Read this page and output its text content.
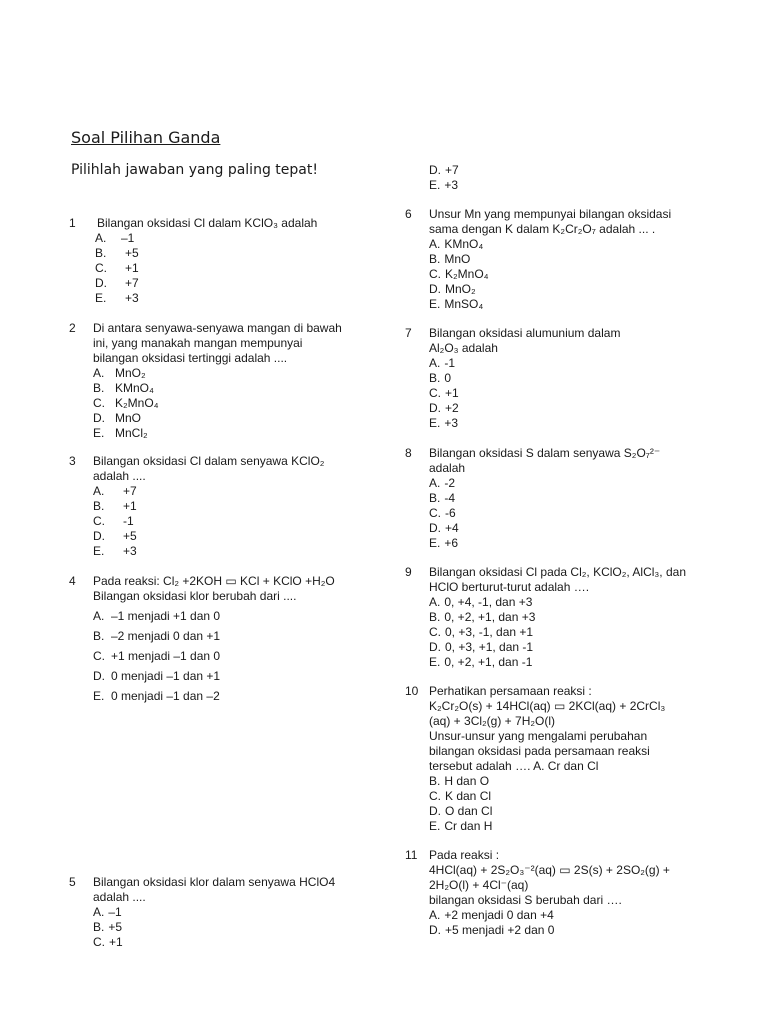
Soal Pilihan Ganda
Pilihlah jawaban yang paling tepat!
1	Bilangan oksidasi Cl dalam KClO₃ adalah
A.	–1
B.	+5
C.	+1
D.	+7
E.	+3
2	Di antara senyawa-senyawa mangan di bawah
ini, yang manakah mangan mempunyai
bilangan oksidasi tertinggi adalah ....
A. MnO₂
B. KMnO₄
C. K₂MnO₄
D. MnO
E. MnCl₂
3	Bilangan oksidasi Cl dalam senyawa KClO₂
adalah ....
A.	+7
B.	+1
C.	-1
D.	+5
E.	+3
4	Pada reaksi: Cl₂ +2KOH ▭ KCl + KClO +H₂O
Bilangan oksidasi klor berubah dari ....
A. –1 menjadi +1 dan 0
B. –2 menjadi 0 dan +1
C. +1 menjadi –1 dan 0
D. 0 menjadi –1 dan +1
E. 0 menjadi –1 dan –2
5	Bilangan oksidasi klor dalam senyawa HClO4
adalah ....
A. –1
B. +5
C. +1
D. +7
E. +3
6	Unsur Mn yang mempunyai bilangan oksidasi
sama dengan K dalam K₂Cr₂O₇ adalah ... .
A. KMnO₄
B. MnO
C. K₂MnO₄
D. MnO₂
E. MnSO₄
7	Bilangan oksidasi alumunium dalam
Al₂O₃ adalah
A. -1
B. 0
C. +1
D. +2
E. +3
8	Bilangan oksidasi S dalam senyawa S₂O₇²⁻
adalah
A. -2
B. -4
C. -6
D. +4
E. +6
9	Bilangan oksidasi Cl pada Cl₂, KClO₂, AlCl₃, dan
HClO berturut-turut adalah ….
A. 0, +4, -1, dan +3
B. 0, +2, +1, dan +3
C. 0, +3, -1, dan +1
D. 0, +3, +1, dan -1
E. 0, +2, +1, dan -1
10 Perhatikan persamaan reaksi :
K₂Cr₂O(s) + 14HCl(aq) ▭ 2KCl(aq) + 2CrCl₃
(aq) + 3Cl₂(g) + 7H₂O(l)
Unsur-unsur yang mengalami perubahan
bilangan oksidasi pada persamaan reaksi
tersebut adalah …. A. Cr dan Cl
B. H dan O
C. K dan Cl
D. O dan Cl
E. Cr dan H
11 Pada reaksi :
4HCl(aq) + 2S₂O₃⁻²(aq) ▭ 2S(s) + 2SO₂(g) +
2H₂O(l) + 4Cl⁻(aq)
bilangan oksidasi S berubah dari ….
A. +2 menjadi 0 dan +4
D. +5 menjadi +2 dan 0
